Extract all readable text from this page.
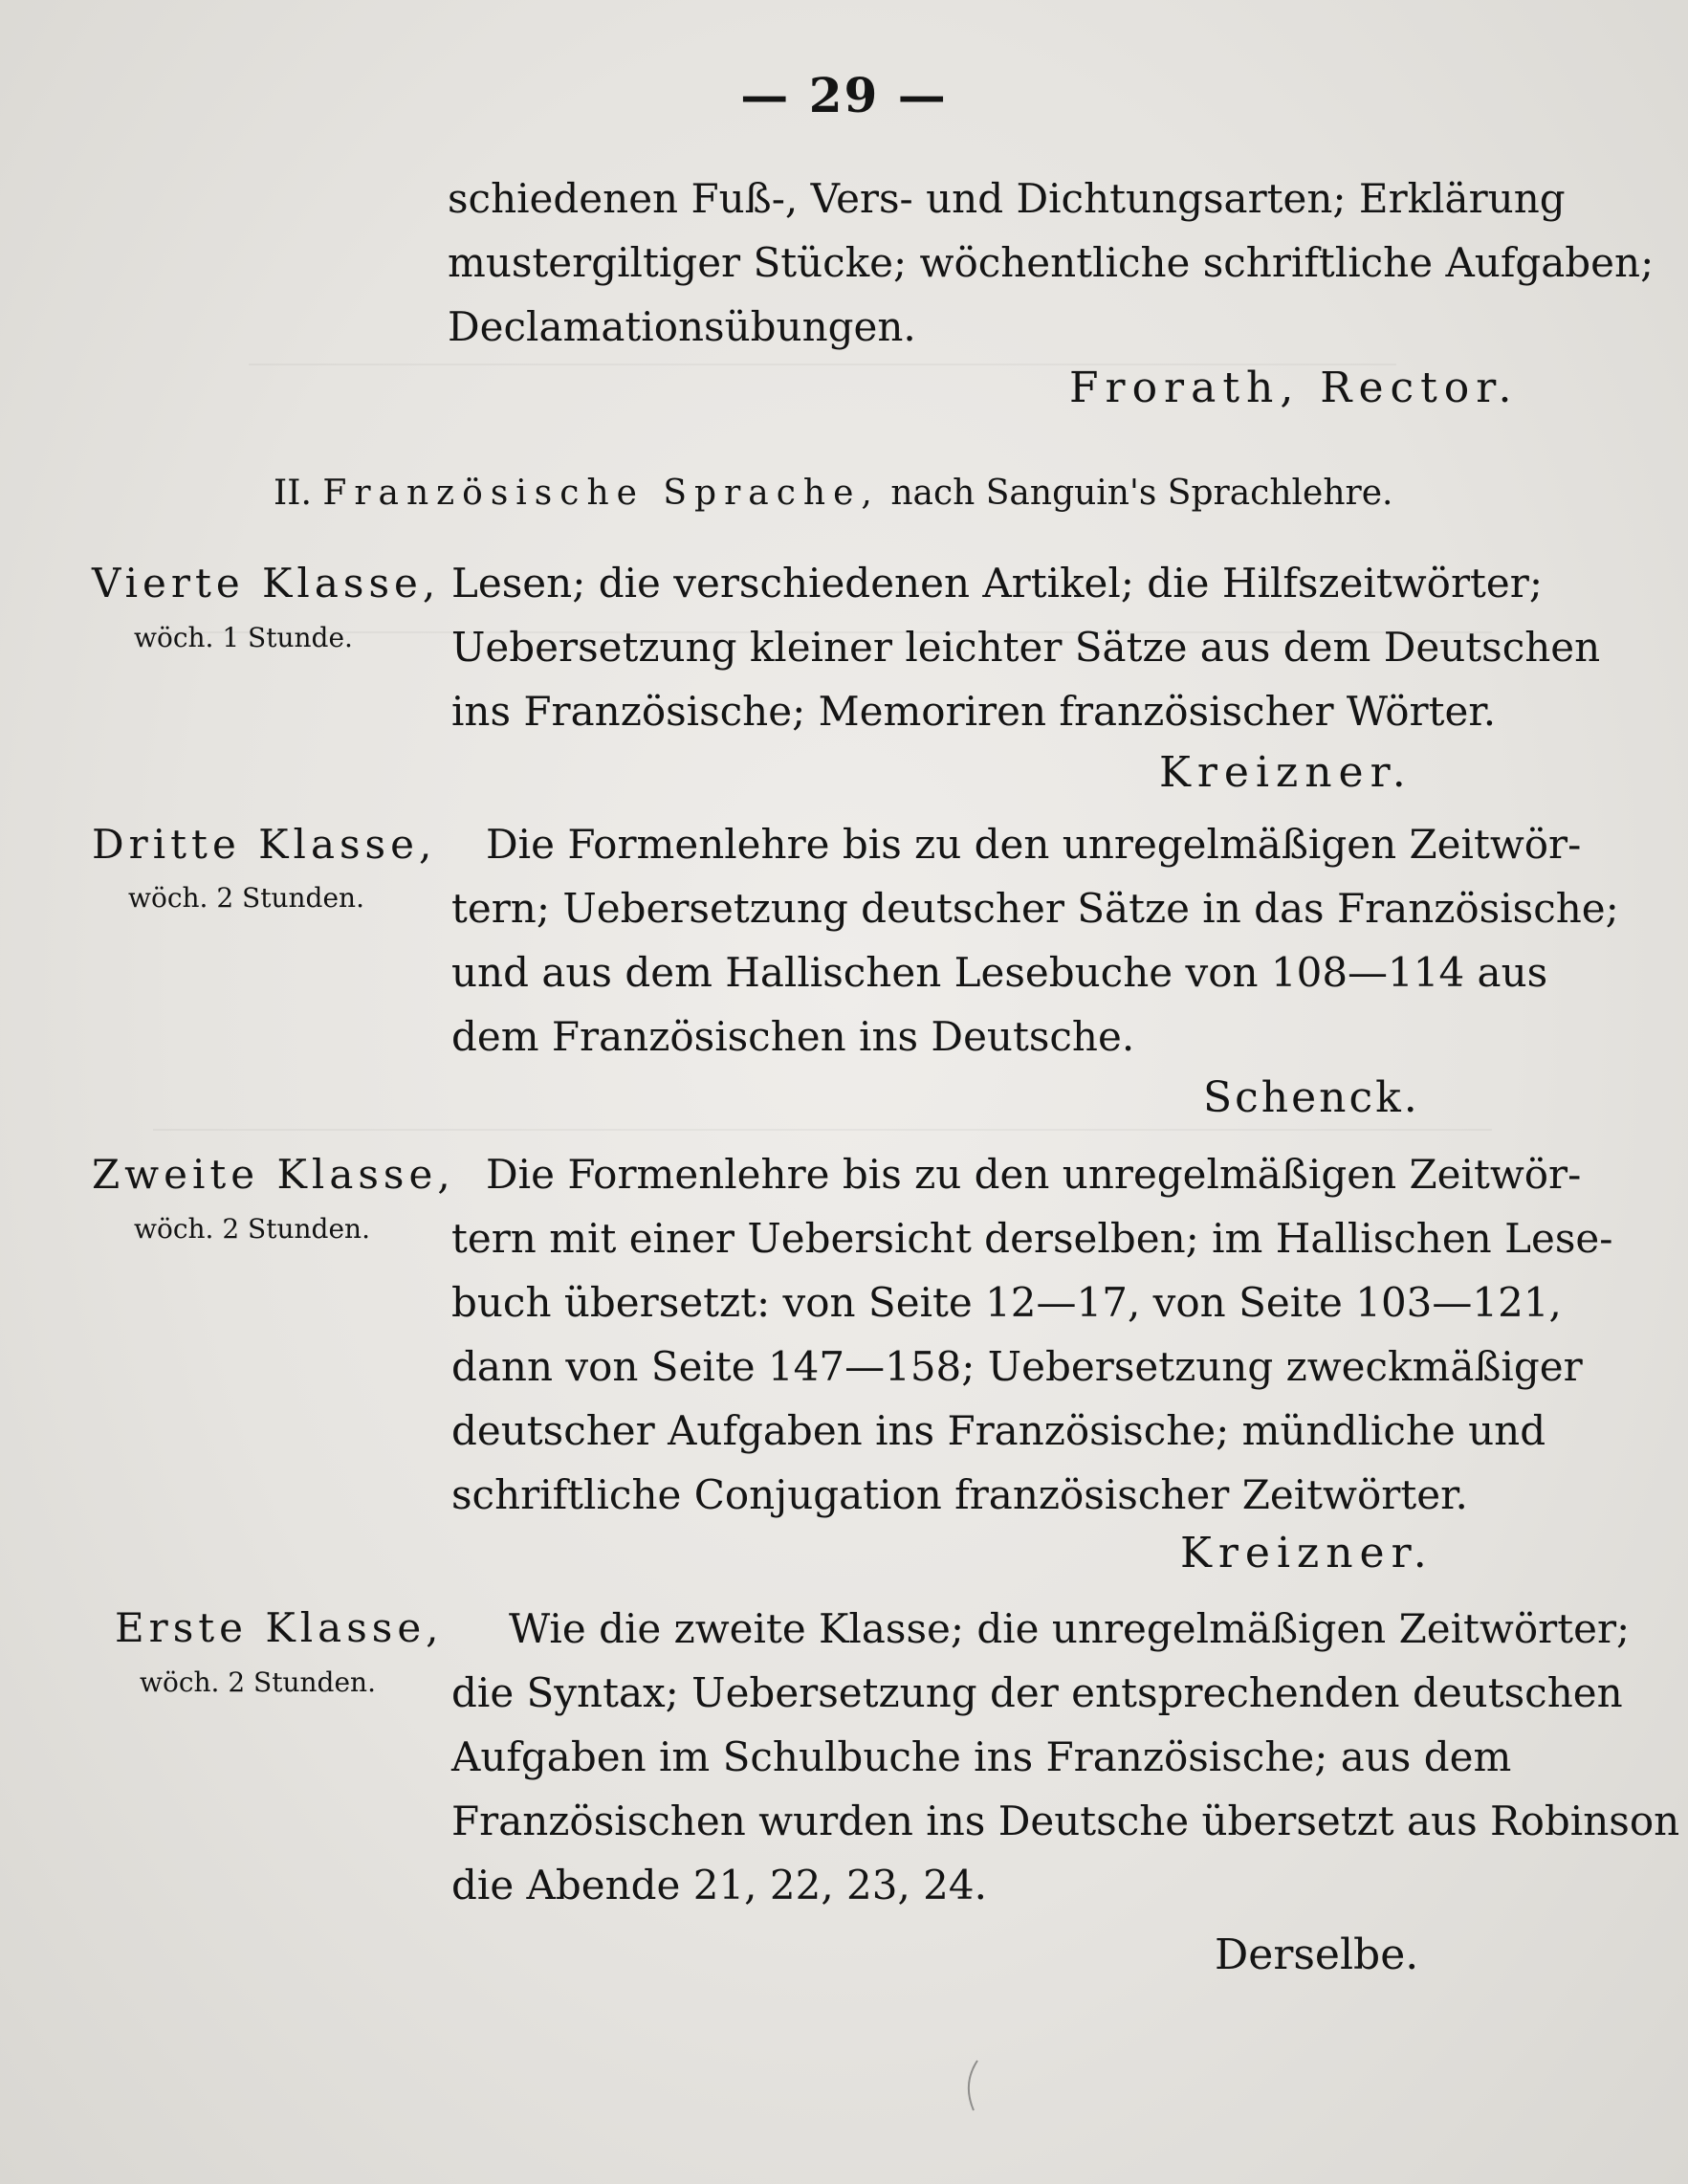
— 29 —
schiedenen Fuß-, Vers- und Dichtungsarten; Erklärung
mustergiltiger Stücke; wöchentliche schriftliche Aufgaben;
Declamationsübungen.
Frorath, Rector.
II. Französische Sprache, nach Sanguin's Sprachlehre.
Vierte Klasse,
wöch. 1 Stunde.
Lesen; die verschiedenen Artikel; die Hilfszeitwörter;
Uebersetzung kleiner leichter Sätze aus dem Deutschen
ins Französische; Memoriren französischer Wörter.
Kreizner.
Dritte Klasse,
wöch. 2 Stunden.
Die Formenlehre bis zu den unregelmäßigen Zeitwör-
tern; Uebersetzung deutscher Sätze in das Französische;
und aus dem Hallischen Lesebuche von 108—114 aus
dem Französischen ins Deutsche.
Schenck.
Zweite Klasse,
wöch. 2 Stunden.
Die Formenlehre bis zu den unregelmäßigen Zeitwör-
tern mit einer Uebersicht derselben; im Hallischen Lese-
buch übersetzt: von Seite 12—17, von Seite 103—121,
dann von Seite 147—158; Uebersetzung zweckmäßiger
deutscher Aufgaben ins Französische; mündliche und
schriftliche Conjugation französischer Zeitwörter.
Kreizner.
Erste Klasse,
wöch. 2 Stunden.
Wie die zweite Klasse; die unregelmäßigen Zeitwörter;
die Syntax; Uebersetzung der entsprechenden deutschen
Aufgaben im Schulbuche ins Französische; aus dem
Französischen wurden ins Deutsche übersetzt aus Robinson
die Abende 21, 22, 23, 24.
Derselbe.
